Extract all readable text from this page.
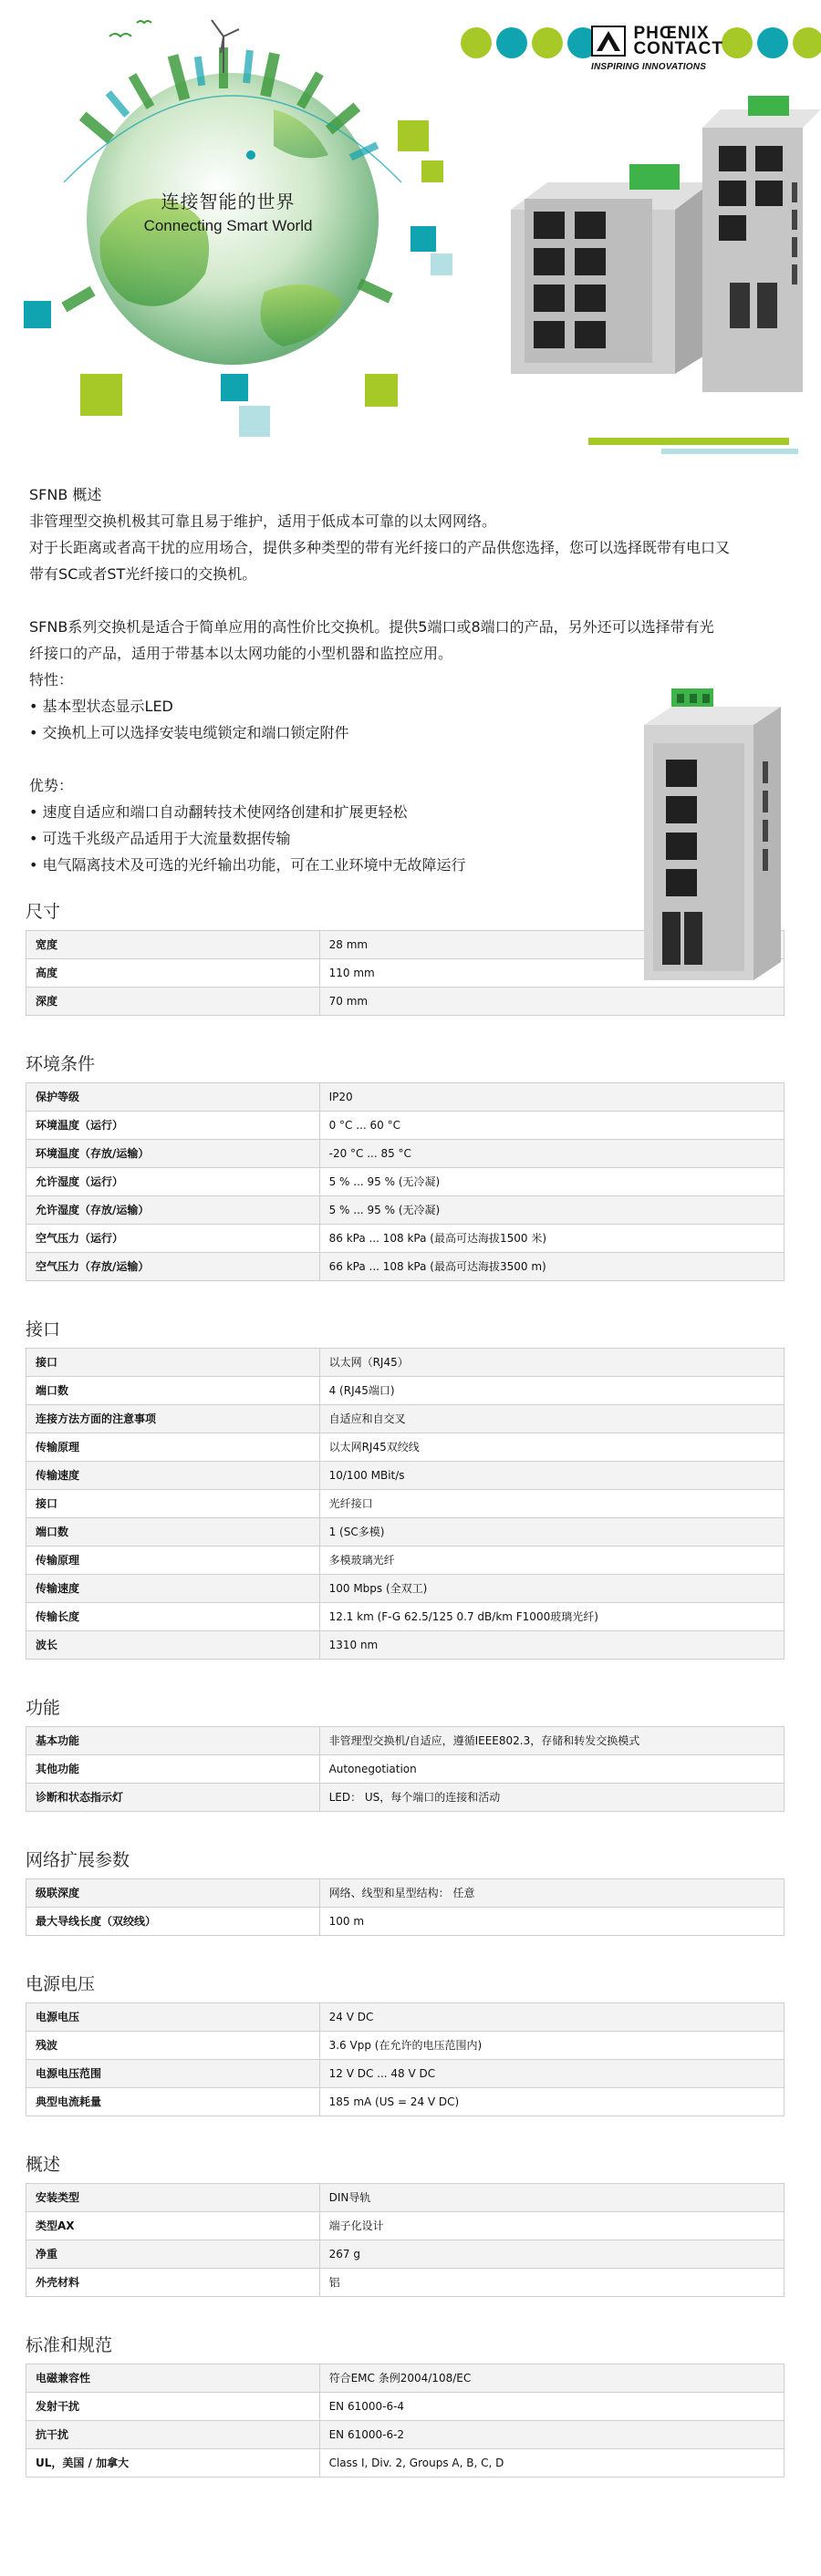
连接智能的世界
Connecting Smart World

PHŒNIX
CONTACT
INSPIRING INNOVATIONS

SFNB 概述

非管理型交换机极其可靠且易于维护，适用于低成本可靠的以太网网络。

对于长距离或者高干扰的应用场合，提供多种类型的带有光纤接口的产品供您选择，您可以选择既带有电口又

带有SC或者ST光纤接口的交换机。

SFNB系列交换机是适合于简单应用的高性价比交换机。提供5端口或8端口的产品，另外还可以选择带有光

纤接口的产品，适用于带基本以太网功能的小型机器和监控应用。

特性：

• 基本型状态显示LED

• 交换机上可以选择安装电缆锁定和端口锁定附件

优势：

• 速度自适应和端口自动翻转技术使网络创建和扩展更轻松

• 可选千兆级产品适用于大流量数据传输

• 电气隔离技术及可选的光纤输出功能，可在工业环境中无故障运行

尺寸
宽度	28 mm
高度	110 mm
深度	70 mm
环境条件
保护等级	IP20
环境温度（运行）	0 °C ... 60 °C
环境温度（存放/运输）	-20 °C ... 85 °C
允许湿度（运行）	5 % ... 95 % (无冷凝)
允许湿度（存放/运输）	5 % ... 95 % (无冷凝)
空气压力（运行）	86 kPa ... 108 kPa (最高可达海拔1500 米)
空气压力（存放/运输）	66 kPa ... 108 kPa (最高可达海拔3500 m)
接口
接口	以太网（RJ45）
端口数	4 (RJ45端口)
连接方法方面的注意事项	自适应和自交叉
传输原理	以太网RJ45双绞线
传输速度	10/100 MBit/s
接口	光纤接口
端口数	1 (SC多模)
传输原理	多模玻璃光纤
传输速度	100 Mbps (全双工)
传输长度	12.1 km (F-G 62.5/125 0.7 dB/km F1000玻璃光纤)
波长	1310 nm
功能
基本功能	非管理型交换机/自适应，遵循IEEE802.3，存储和转发交换模式
其他功能	Autonegotiation
诊断和状态指示灯	LED： US，每个端口的连接和活动
网络扩展参数
级联深度	网络、线型和星型结构： 任意
最大导线长度（双绞线）	100 m
电源电压
电源电压	24 V DC
残波	3.6 Vpp (在允许的电压范围内)
电源电压范围	12 V DC ... 48 V DC
典型电流耗量	185 mA (US = 24 V DC)
概述
安装类型	DIN导轨
类型AX	端子化设计
净重	267 g
外壳材料	铝
标准和规范
电磁兼容性	符合EMC 条例2004/108/EC
发射干扰	EN 61000-6-4
抗干扰	EN 61000-6-2
UL，美国 / 加拿大	Class I, Div. 2, Groups A, B, C, D
